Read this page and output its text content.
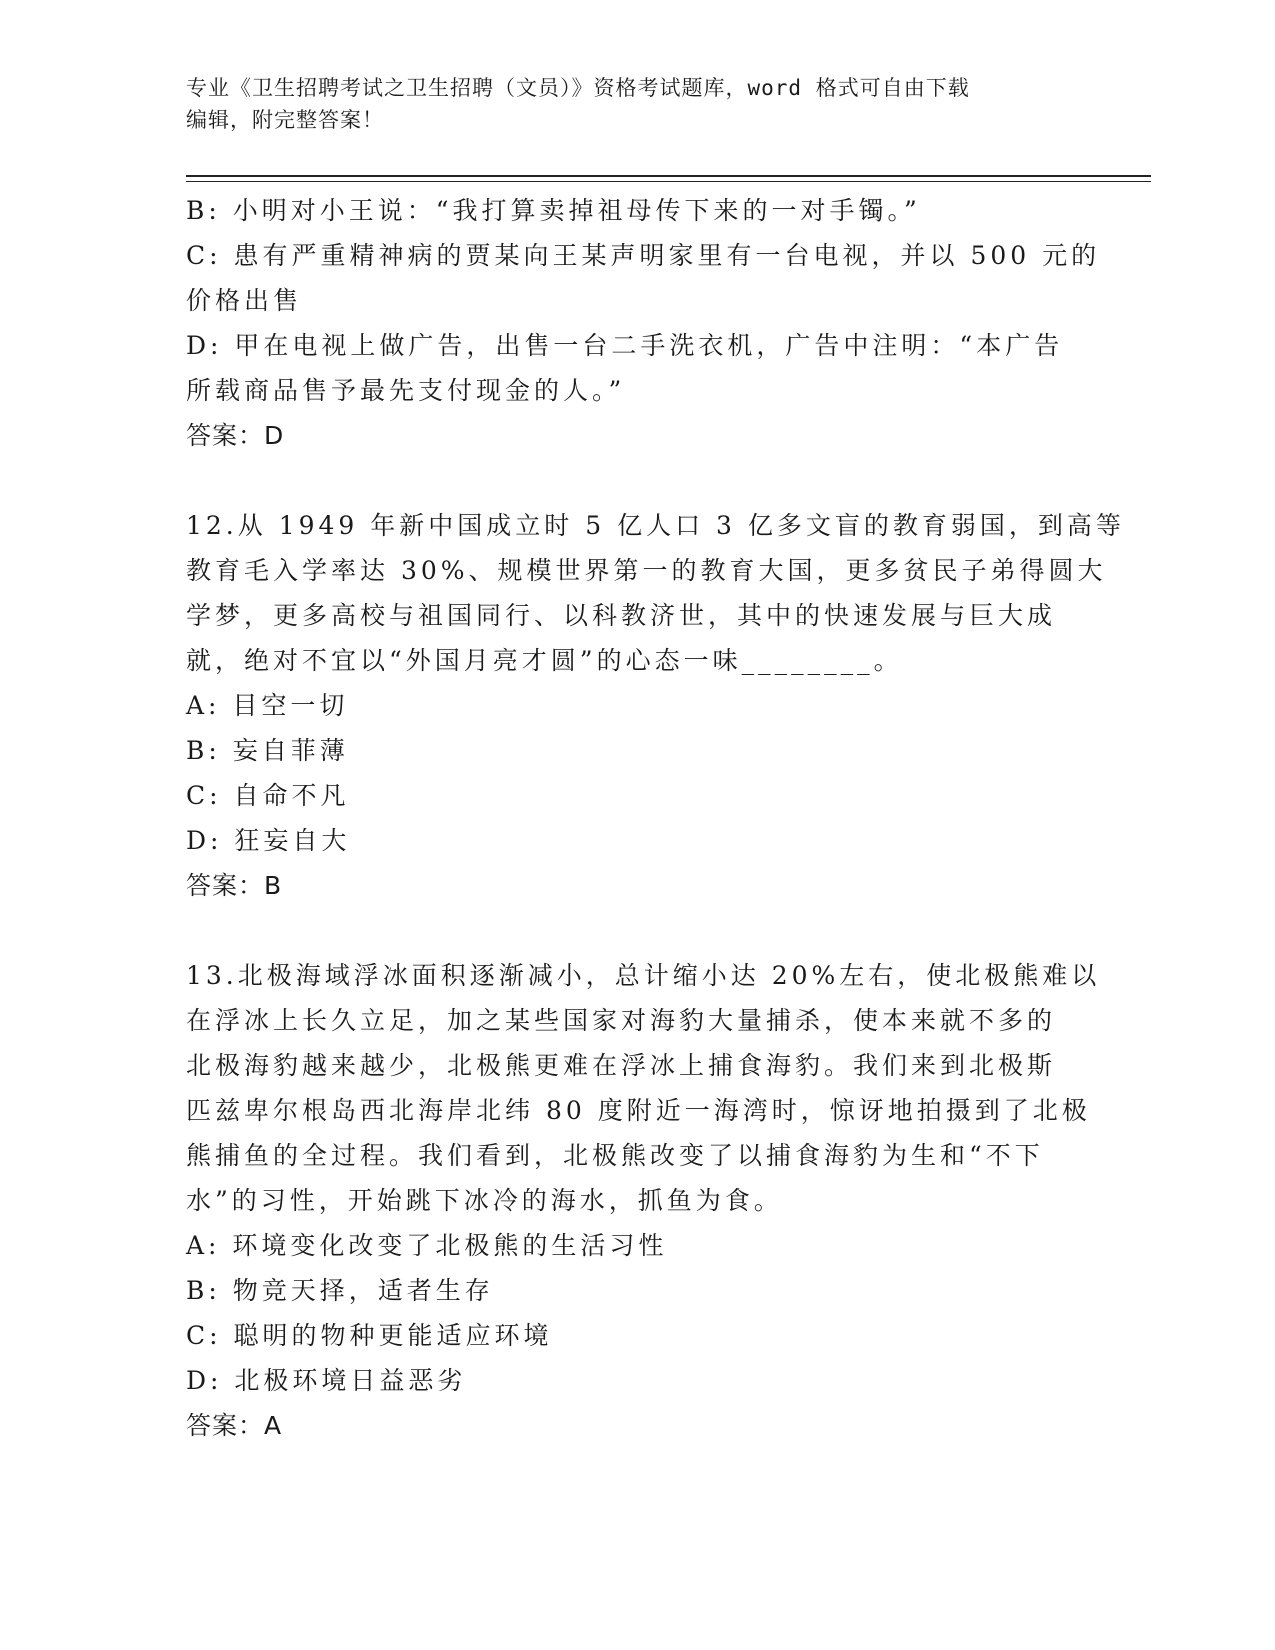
专业《卫生招聘考试之卫生招聘（文员）》资格考试题库，word 格式可自由下载
编辑，附完整答案！
B: 小明对小王说：“我打算卖掉祖母传下来的一对手镯。”
C: 患有严重精神病的贾某向王某声明家里有一台电视，并以 500 元的
价格出售
D: 甲在电视上做广告，出售一台二手洗衣机，广告中注明：“本广告
所载商品售予最先支付现金的人。”
答案：D
12.从 1949 年新中国成立时 5 亿人口 3 亿多文盲的教育弱国，到高等
教育毛入学率达 30%、规模世界第一的教育大国，更多贫民子弟得圆大
学梦，更多高校与祖国同行、以科教济世，其中的快速发展与巨大成
就，绝对不宜以“外国月亮才圆”的心态一味________。
A: 目空一切
B: 妄自菲薄
C: 自命不凡
D: 狂妄自大
答案：B
13.北极海域浮冰面积逐渐减小，总计缩小达 20%左右，使北极熊难以
在浮冰上长久立足，加之某些国家对海豹大量捕杀，使本来就不多的
北极海豹越来越少，北极熊更难在浮冰上捕食海豹。我们来到北极斯
匹兹卑尔根岛西北海岸北纬 80 度附近一海湾时，惊讶地拍摄到了北极
熊捕鱼的全过程。我们看到，北极熊改变了以捕食海豹为生和“不下
水”的习性，开始跳下冰冷的海水，抓鱼为食。
A: 环境变化改变了北极熊的生活习性
B: 物竞天择，适者生存
C: 聪明的物种更能适应环境
D: 北极环境日益恶劣
答案：A
